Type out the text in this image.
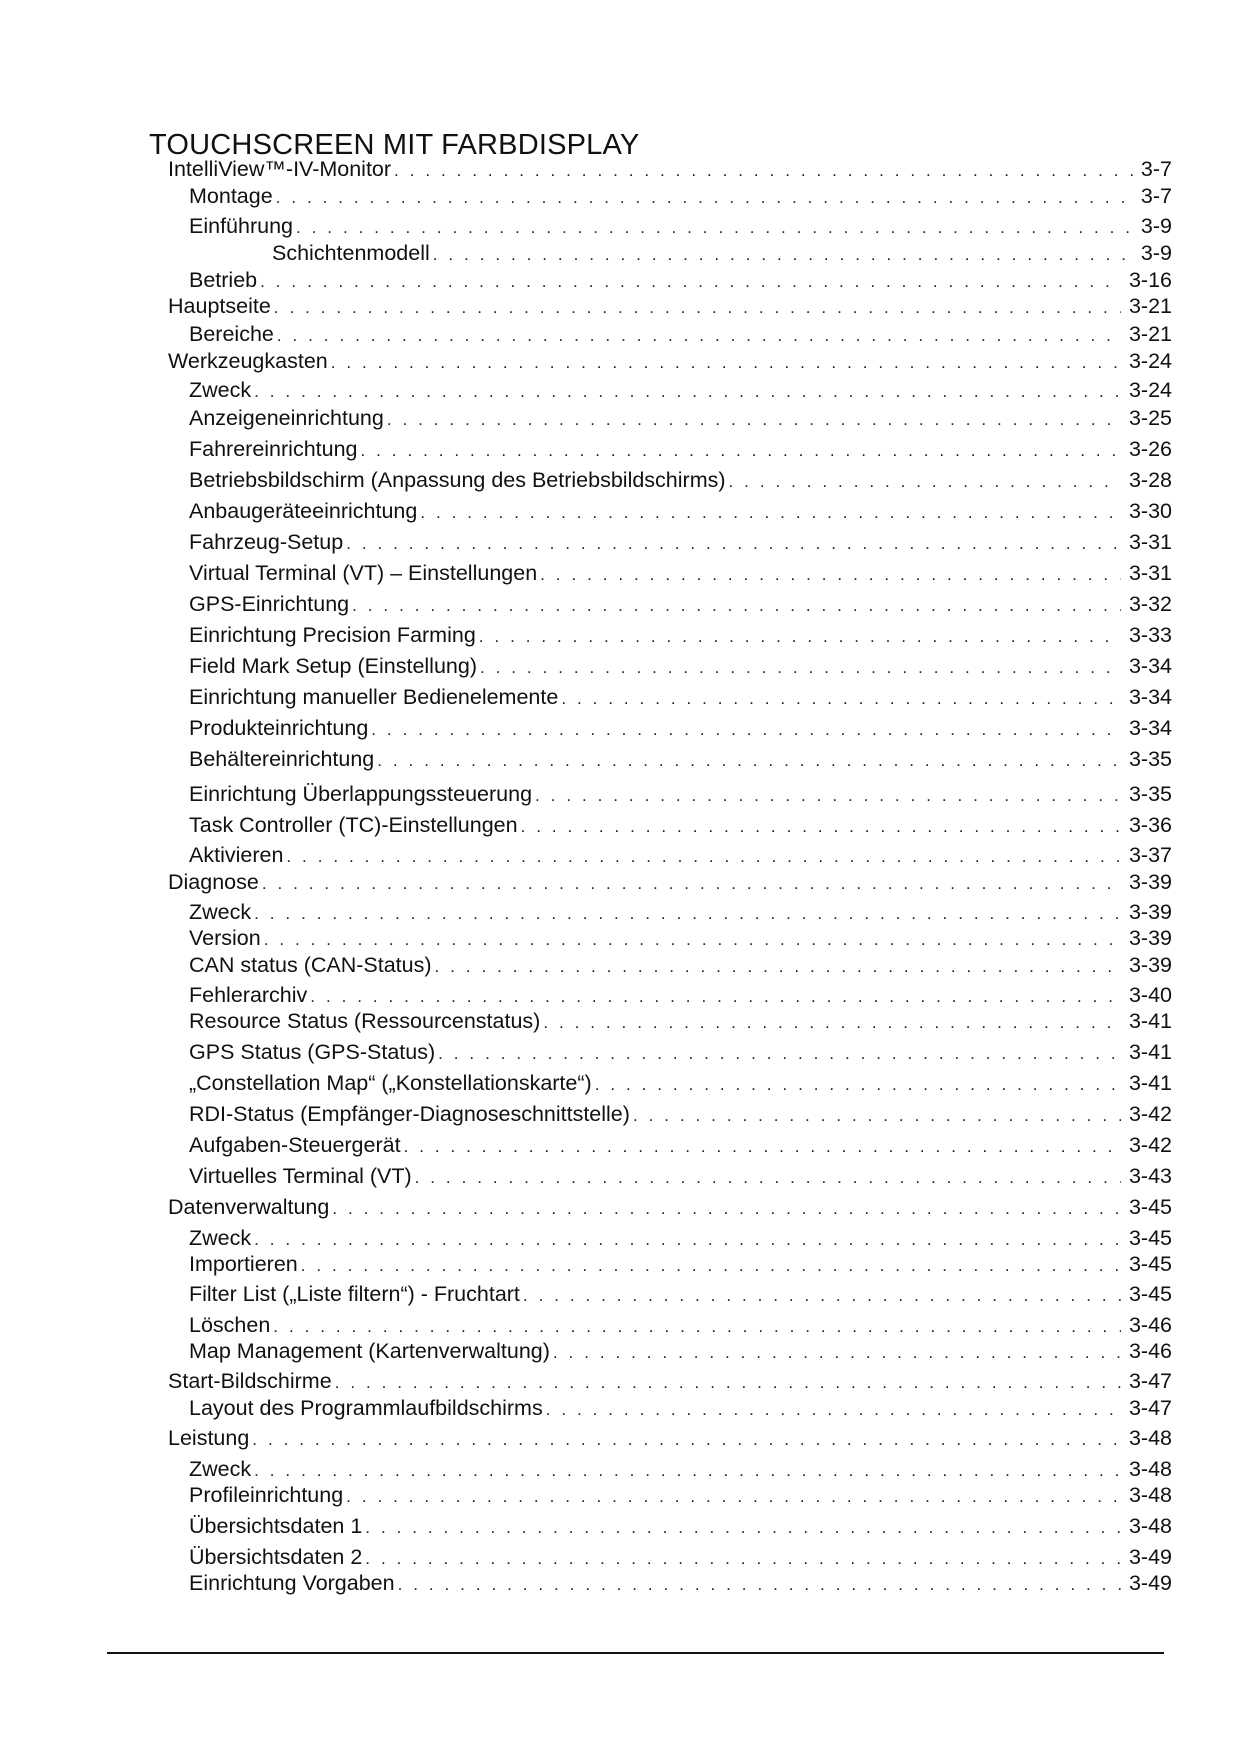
TOUCHSCREEN MIT FARBDISPLAY
IntelliView™-IV-Monitor . . .	3-7
Montage . . .	3-7
Einführung . . .	3-9
Schichtenmodell . . .	3-9
Betrieb . . .	3-16
Hauptseite . . .	3-21
Bereiche . . .	3-21
Werkzeugkasten . . .	3-24
Zweck . . .	3-24
Anzeigeneinrichtung . . .	3-25
Fahrereinrichtung . . .	3-26
Betriebsbildschirm (Anpassung des Betriebsbildschirms) . . .	3-28
Anbaugeräteeinrichtung . . .	3-30
Fahrzeug-Setup . . .	3-31
Virtual Terminal (VT) – Einstellungen . . .	3-31
GPS-Einrichtung . . .	3-32
Einrichtung Precision Farming . . .	3-33
Field Mark Setup (Einstellung) . . .	3-34
Einrichtung manueller Bedienelemente . . .	3-34
Produkteinrichtung . . .	3-34
Behältereinrichtung . . .	3-35
Einrichtung Überlappungssteuerung . . .	3-35
Task Controller (TC)-Einstellungen . . .	3-36
Aktivieren . . .	3-37
Diagnose . . .	3-39
Zweck . . .	3-39
Version . . .	3-39
CAN status (CAN-Status) . . .	3-39
Fehlerarchiv . . .	3-40
Resource Status (Ressourcenstatus) . . .	3-41
GPS Status (GPS-Status) . . .	3-41
„Constellation Map“ („Konstellationskarte“) . . .	3-41
RDI-Status (Empfänger-Diagnoseschnittstelle) . . .	3-42
Aufgaben-Steuergerät . . .	3-42
Virtuelles Terminal (VT) . . .	3-43
Datenverwaltung . . .	3-45
Zweck . . .	3-45
Importieren . . .	3-45
Filter List („Liste filtern“) - Fruchtart . . .	3-45
Löschen . . .	3-46
Map Management (Kartenverwaltung) . . .	3-46
Start-Bildschirme . . .	3-47
Layout des Programmlaufbildschirms . . .	3-47
Leistung . . .	3-48
Zweck . . .	3-48
Profileinrichtung . . .	3-48
Übersichtsdaten 1 . . .	3-48
Übersichtsdaten 2 . . .	3-49
Einrichtung Vorgaben . . .	3-49
